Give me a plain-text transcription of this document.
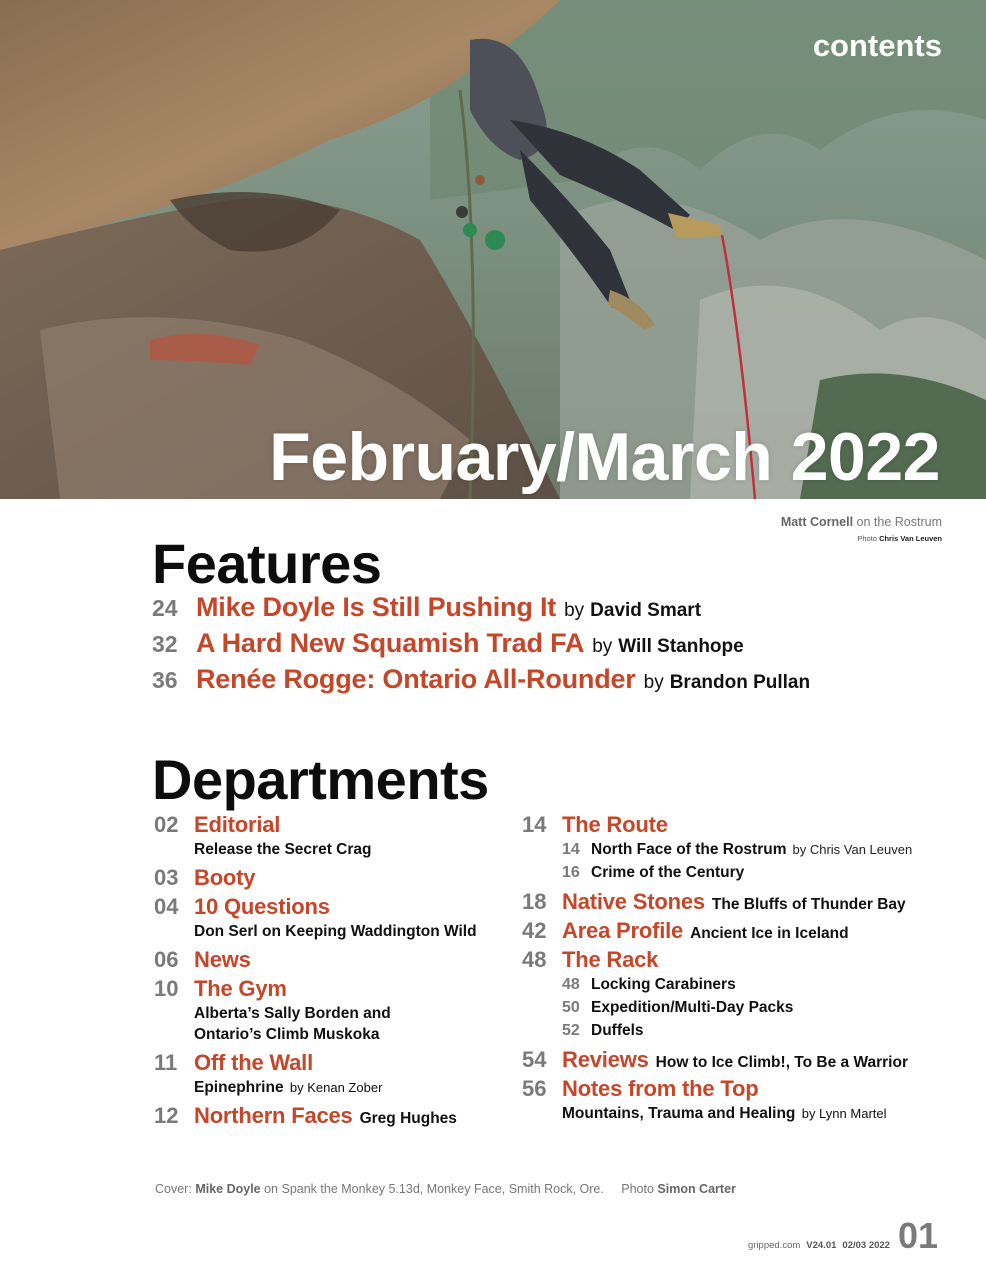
contents
February/March 2022
Matt Cornell on the Rostrum
Photo Chris Van Leuven
Features
24 Mike Doyle Is Still Pushing It by David Smart
32 A Hard New Squamish Trad FA by Will Stanhope
36 Renée Rogge: Ontario All-Rounder by Brandon Pullan
Departments
02 Editorial
Release the Secret Crag
03 Booty
04 10 Questions
Don Serl on Keeping Waddington Wild
06 News
10 The Gym
Alberta’s Sally Borden and
Ontario’s Climb Muskoka
11 Off the Wall
Epinephrine by Kenan Zober
12 Northern Faces Greg Hughes
14 The Route
14 North Face of the Rostrum by Chris Van Leuven
16 Crime of the Century
18 Native Stones The Bluffs of Thunder Bay
42 Area Profile Ancient Ice in Iceland
48 The Rack
48 Locking Carabiners
50 Expedition/Multi-Day Packs
52 Duffels
54 Reviews How to Ice Climb!, To Be a Warrior
56 Notes from the Top
Mountains, Trauma and Healing by Lynn Martel
Cover: Mike Doyle on Spank the Monkey 5.13d, Monkey Face, Smith Rock, Ore. Photo Simon Carter
gripped.com V24.01 02/03 2022 01
